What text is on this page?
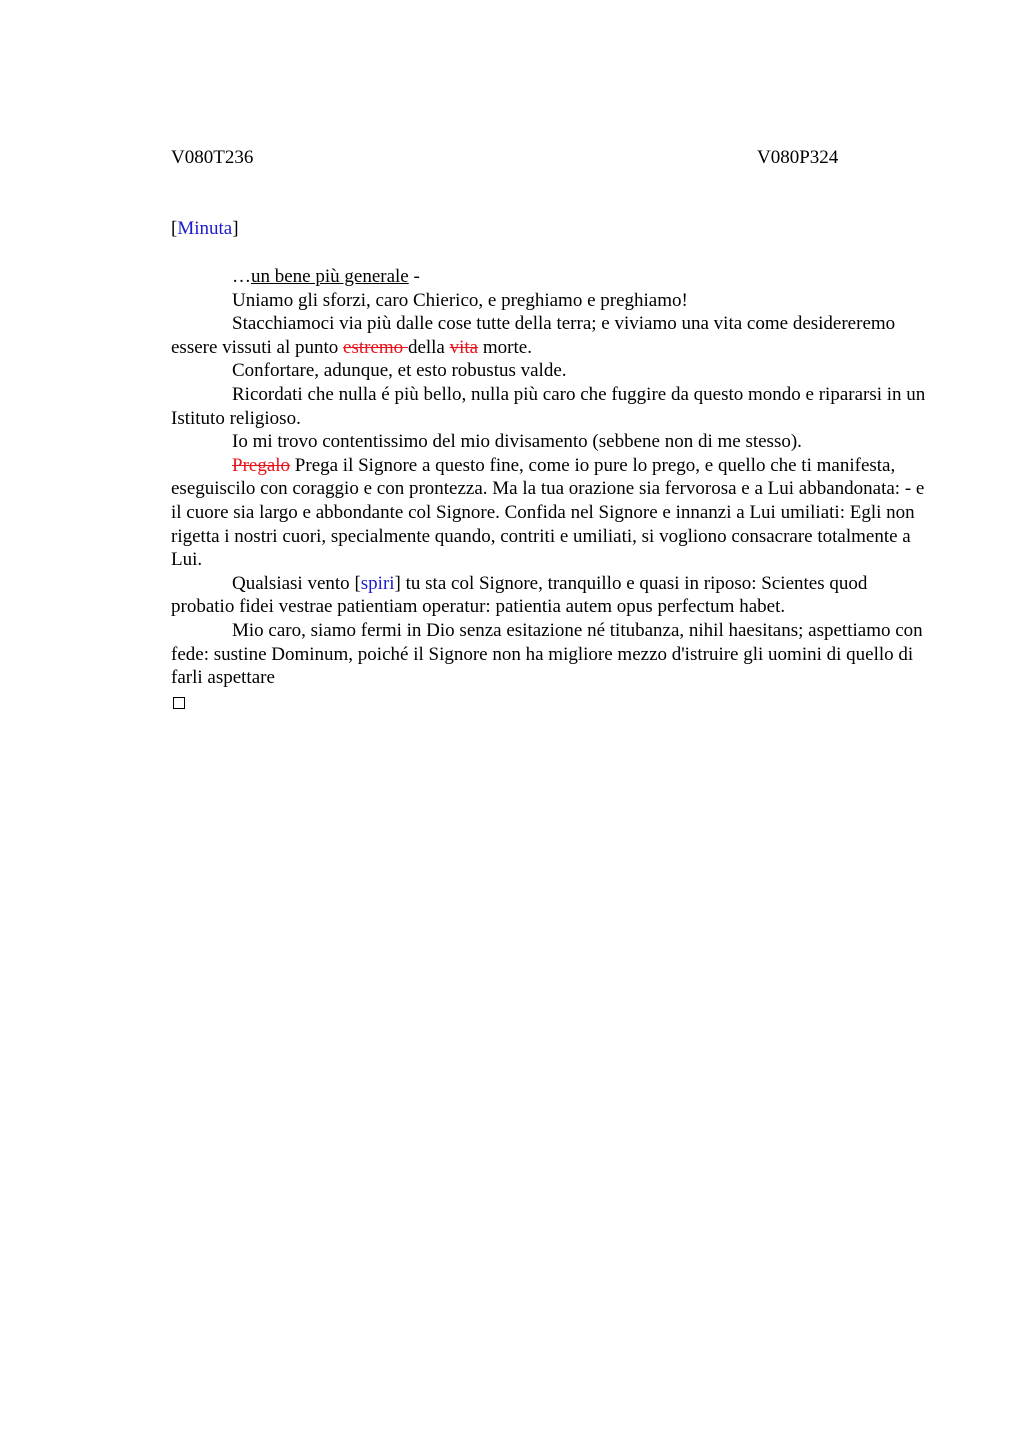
V080T236	V080P324
[Minuta]

…un bene più generale -

Uniamo gli sforzi, caro Chierico, e preghiamo e preghiamo!

Stacchiamoci via più dalle cose tutte della terra; e viviamo una vita come desidereremo essere vissuti al punto estremo della vita morte.

Confortare, adunque, et esto robustus valde.

Ricordati che nulla é più bello, nulla più caro che fuggire da questo mondo e ripararsi in un Istituto religioso.

Io mi trovo contentissimo del mio divisamento (sebbene non di me stesso).

Pregalo Prega il Signore a questo fine, come io pure lo prego, e quello che ti manifesta, eseguiscilo con coraggio e con prontezza. Ma la tua orazione sia fervorosa e a Lui abbandonata: - e il cuore sia largo e abbondante col Signore. Confida nel Signore e innanzi a Lui umiliati: Egli non rigetta i nostri cuori, specialmente quando, contriti e umiliati, si vogliono consacrare totalmente a Lui.

Qualsiasi vento [spiri] tu sta col Signore, tranquillo e quasi in riposo: Scientes quod probatio fidei vestrae patientiam operatur: patientia autem opus perfectum habet.

Mio caro, siamo fermi in Dio senza esitazione né titubanza, nihil haesitans; aspettiamo con fede: sustine Dominum, poiché il Signore non ha migliore mezzo d'istruire gli uomini di quello di farli aspettare
